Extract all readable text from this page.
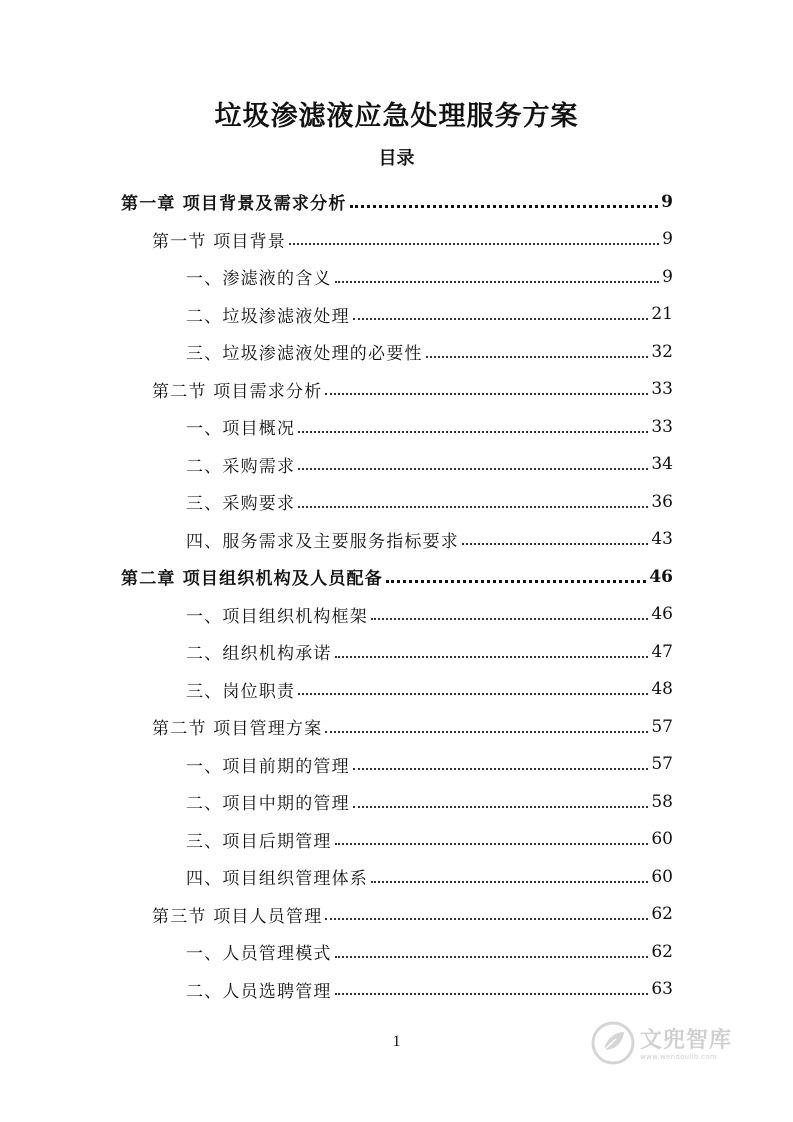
垃圾渗滤液应急处理服务方案
目录
第一章 项目背景及需求分析	9
第一节 项目背景	9
一、渗滤液的含义	9
二、垃圾渗滤液处理	21
三、垃圾渗滤液处理的必要性	32
第二节 项目需求分析	33
一、项目概况	33
二、采购需求	34
三、采购要求	36
四、服务需求及主要服务指标要求	43
第二章 项目组织机构及人员配备	46
一、项目组织机构框架	46
二、组织机构承诺	47
三、岗位职责	48
第二节 项目管理方案	57
一、项目前期的管理	57
二、项目中期的管理	58
三、项目后期管理	60
四、项目组织管理体系	60
第三节 项目人员管理	62
一、人员管理模式	62
二、人员选聘管理	63
1	文兜智库
www.wendoulib.com
